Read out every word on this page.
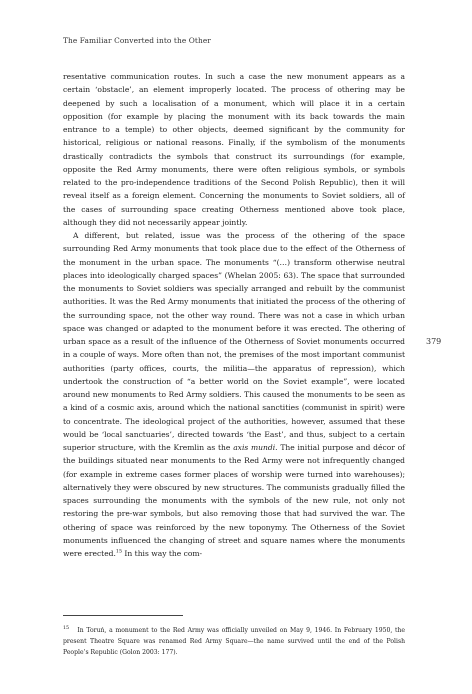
The Familiar Converted into the Other

resentative communication routes. In such a case the new monument appears as a certain ‘obstacle’, an element improperly located. The process of othering may be deepened by such a localisation of a monument, which will place it in a certain opposition (for example by placing the monument with its back towards the main entrance to a temple) to other objects, deemed significant by the community for historical, religious or national reasons. Finally, if the symbolism of the monuments drastically contradicts the symbols that construct its surroundings (for example, opposite the Red Army monuments, there were often religious symbols, or symbols related to the pro-independence traditions of the Second Polish Republic), then it will reveal itself as a foreign element. Concerning the monuments to Soviet soldiers, all of the cases of surrounding space creating Otherness mentioned above took place, although they did not necessarily appear jointly.

A different, but related, issue was the process of the othering of the space surrounding Red Army monuments that took place due to the effect of the Otherness of the monument in the urban space. The monuments “(…) transform otherwise neutral places into ideologically charged spaces” (Whelan 2005: 63). The space that surrounded the monuments to Soviet soldiers was specially arranged and rebuilt by the communist authorities. It was the Red Army monuments that initiated the process of the othering of the surrounding space, not the other way round. There was not a case in which urban space was changed or adapted to the monument before it was erected. The othering of urban space as a result of the influence of the Otherness of Soviet monuments occurred in a couple of ways. More often than not, the premises of the most important communist authorities (party offices, courts, the militia—the apparatus of repression), which undertook the construction of “a better world on the Soviet example”, were located around new monuments to Red Army soldiers. This caused the monuments to be seen as a kind of a cosmic axis, around which the national sanctities (communist in spirit) were to concentrate. The ideological project of the authorities, however, assumed that these would be ‘local sanctuaries’, directed towards ‘the East’, and thus, subject to a certain superior structure, with the Kremlin as the axis mundi. The initial purpose and décor of the buildings situated near monuments to the Red Army were not infrequently changed (for example in extreme cases former places of worship were turned into warehouses); alternatively they were obscured by new structures. The communists gradually filled the spaces surrounding the monuments with the symbols of the new rule, not only not restoring the pre-war symbols, but also removing those that had survived the war. The othering of space was reinforced by the new toponymy. The Otherness of the Soviet monuments influenced the changing of street and square names where the monuments were erected.$^{15}$ In this way the com-

379
$^{15}$ In Toruń, a monument to the Red Army was officially unveiled on May 9, 1946. In February 1950, the present Theatre Square was renamed Red Army Square—the name survived until the end of the Polish People’s Republic (Golon 2003: 177).
